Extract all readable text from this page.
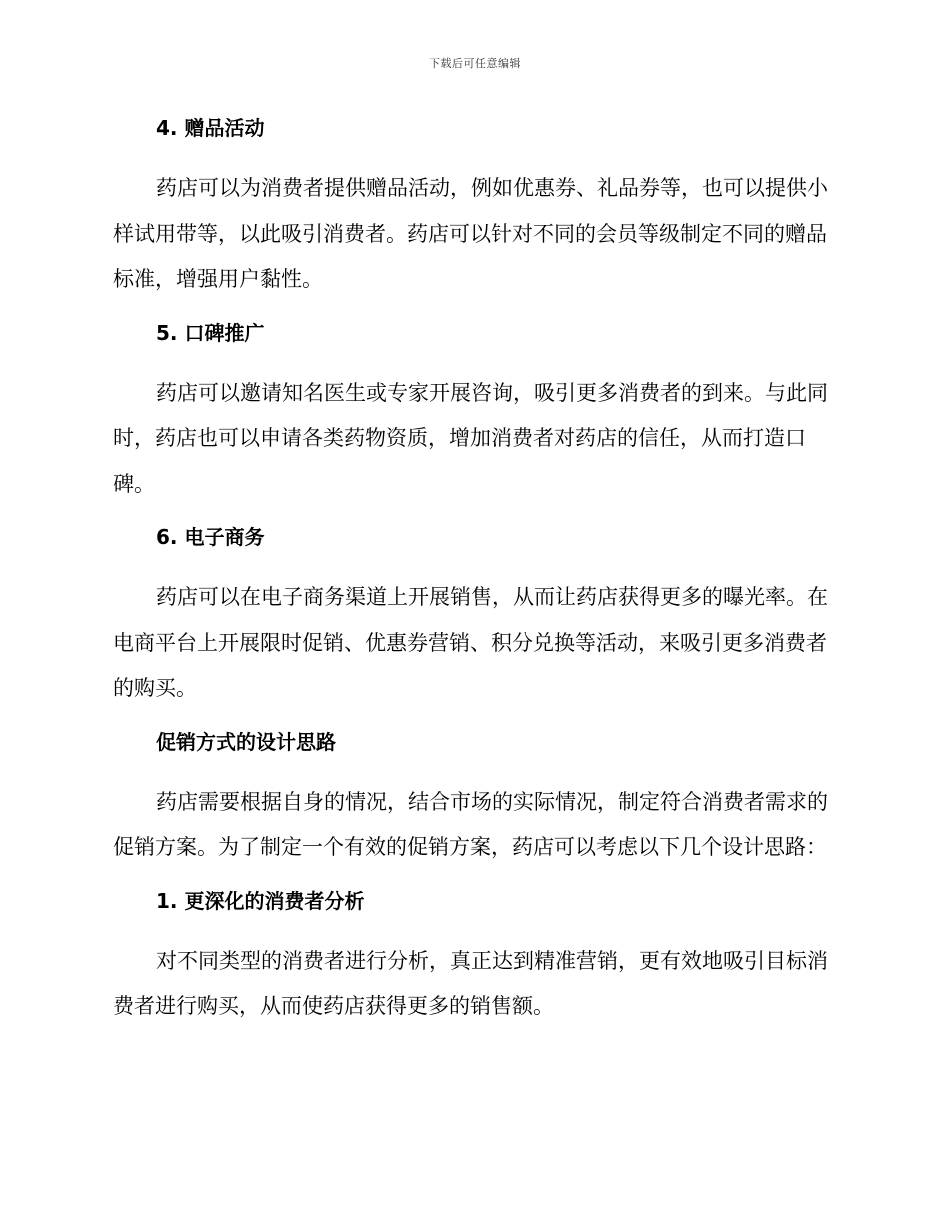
下载后可任意编辑
4. 赠品活动
药店可以为消费者提供赠品活动，例如优惠券、礼品券等，也可以提供小样试用带等，以此吸引消费者。药店可以针对不同的会员等级制定不同的赠品标准，增强用户黏性。
5. 口碑推广
药店可以邀请知名医生或专家开展咨询，吸引更多消费者的到来。与此同时，药店也可以申请各类药物资质，增加消费者对药店的信任，从而打造口碑。
6. 电子商务
药店可以在电子商务渠道上开展销售，从而让药店获得更多的曝光率。在电商平台上开展限时促销、优惠券营销、积分兑换等活动，来吸引更多消费者的购买。
促销方式的设计思路
药店需要根据自身的情况，结合市场的实际情况，制定符合消费者需求的促销方案。为了制定一个有效的促销方案，药店可以考虑以下几个设计思路：
1. 更深化的消费者分析
对不同类型的消费者进行分析，真正达到精准营销，更有效地吸引目标消费者进行购买，从而使药店获得更多的销售额。
